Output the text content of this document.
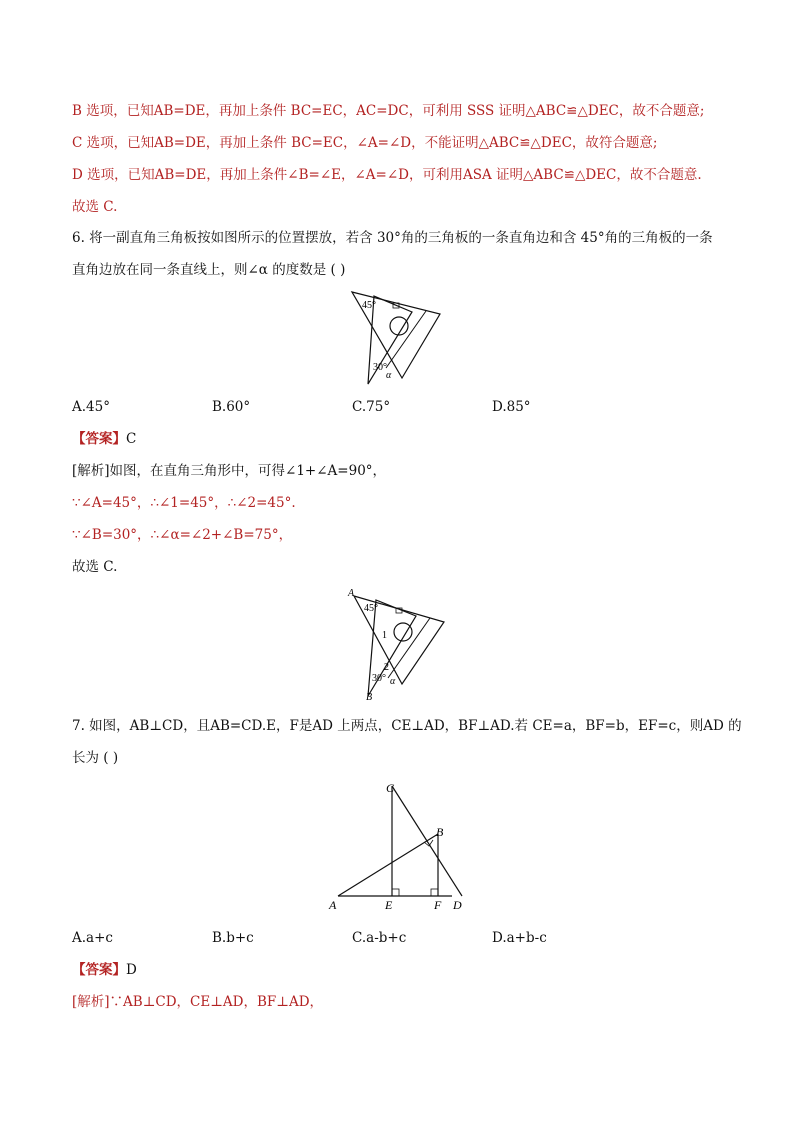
B 选项，已知AB=DE，再加上条件 BC=EC，AC=DC，可利用 SSS 证明△ABC≌△DEC，故不合题意;
C 选项，已知AB=DE，再加上条件 BC=EC，∠A=∠D，不能证明△ABC≌△DEC，故符合题意;
D 选项，已知AB=DE，再加上条件∠B=∠E，∠A=∠D，可利用ASA 证明△ABC≌△DEC，故不合题意.
故选 C.
6. 将一副直角三角板按如图所示的位置摆放，若含 30°角的三角板的一条直角边和含 45°角的三角板的一条
直角边放在同一条直线上，则∠α 的度数是 ( )
45°
30°
α
A.45°	B.60°	C.75°	D.85°
【答案】C
[解析]如图，在直角三角形中，可得∠1+∠A=90°，
∵∠A=45°，∴∠1=45°，∴∠2=45°.
∵∠B=30°，∴∠α=∠2+∠B=75°，
故选 C.
A
45°
1
2
30° α
B
7. 如图，AB⊥CD，且AB=CD.E，F是AD 上两点，CE⊥AD，BF⊥AD.若 CE=a，BF=b，EF=c，则AD 的
长为 ( )
C
B
A	E	F D
A.a+c	B.b+c	C.a-b+c	D.a+b-c
【答案】D
[解析]∵AB⊥CD，CE⊥AD，BF⊥AD，
